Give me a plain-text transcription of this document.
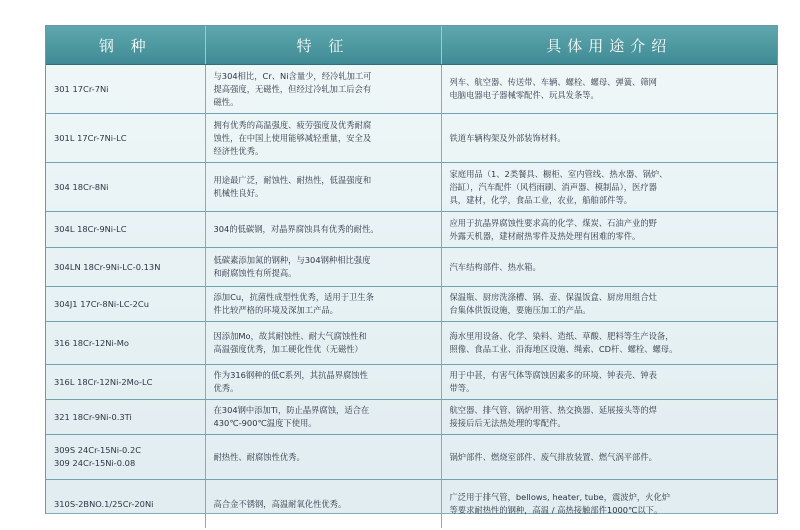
钢 种	特 征	具体用途介绍

301 17Cr-7Ni	与304相比，Cr、Ni含量少，经冷轧加工可
提高强度，无磁性，但经过冷轧加工后会有
磁性。	列车、航空器、传送带、车辆、螺栓、螺母、弹簧、筛网
电脑电器电子器械零配件、玩具发条等。

301L 17Cr-7Ni-LC	拥有优秀的高温强度、疲劳强度及优秀耐腐
蚀性，在中国上使用能够减轻重量，安全及
经济性优秀。	铁道车辆构架及外部装饰材料。

304 18Cr-8Ni	用途最广泛，耐蚀性、耐热性，低温强度和
机械性良好。	家庭用品（1、2类餐具、橱柜、室内管线、热水器、锅炉、
浴缸），汽车配件（风档雨刷、消声器、模制品），医疗器
具，建材，化学，食品工业，农业，船舶部件等。

304L 18Cr-9Ni-LC	304的低碳钢，对晶界腐蚀具有优秀的耐性。	应用于抗晶界腐蚀性要求高的化学、煤炭、石油产业的野
外露天机器，建材耐热零件及热处理有困难的零件。

304LN 18Cr-9Ni-LC-0.13N	低碳素添加氮的钢种，与304钢种相比强度
和耐腐蚀性有所提高。	汽车结构部件、热水箱。

304J1 17Cr-8Ni-LC-2Cu	添加Cu，抗菌性成型性优秀，适用于卫生条
件比较严格的环境及深加工产品。	保温瓶、厨房洗涤槽、锅、壶、保温饭盒、厨房用组合灶
台集体供饭设施，要施压加工的产品。

316 18Cr-12Ni-Mo	因添加Mo，故其耐蚀性、耐大气腐蚀性和
高温强度优秀，加工硬化性优（无磁性）	海水里用设备、化学、染料、造纸、草酸、肥料等生产设备，
照像、食品工业、沿海地区设施、绳索、CD杆、螺栓、螺母。

316L 18Cr-12Ni-2Mo-LC	作为316钢种的低C系列，其抗晶界腐蚀性
优秀。	用于中甚，有害气体等腐蚀因素多的环境、钟表壳、钟表
带等。

321 18Cr-9Ni-0.3Ti	在304钢中添加Ti，防止晶界腐蚀，适合在
430℃-900℃温度下使用。	航空器、排气管、锅炉用管、热交换器、延展接头等的焊
接接后后无法热处理的零配件。

309S 24Cr-15Ni-0.2C
309 24Cr-15Ni-0.08	耐热性、耐腐蚀性优秀。	锅炉部件、燃烧室部件、废气排放装置、燃气涡平部件。

310S-2BNO.1/25Cr-20Ni	高合金不锈钢，高温耐氧化性优秀。	广泛用于排气管，bellows, heater, tube，震波炉，火化炉
等要求耐热性的钢种，高温 / 高热接触部件1000℃以下。
